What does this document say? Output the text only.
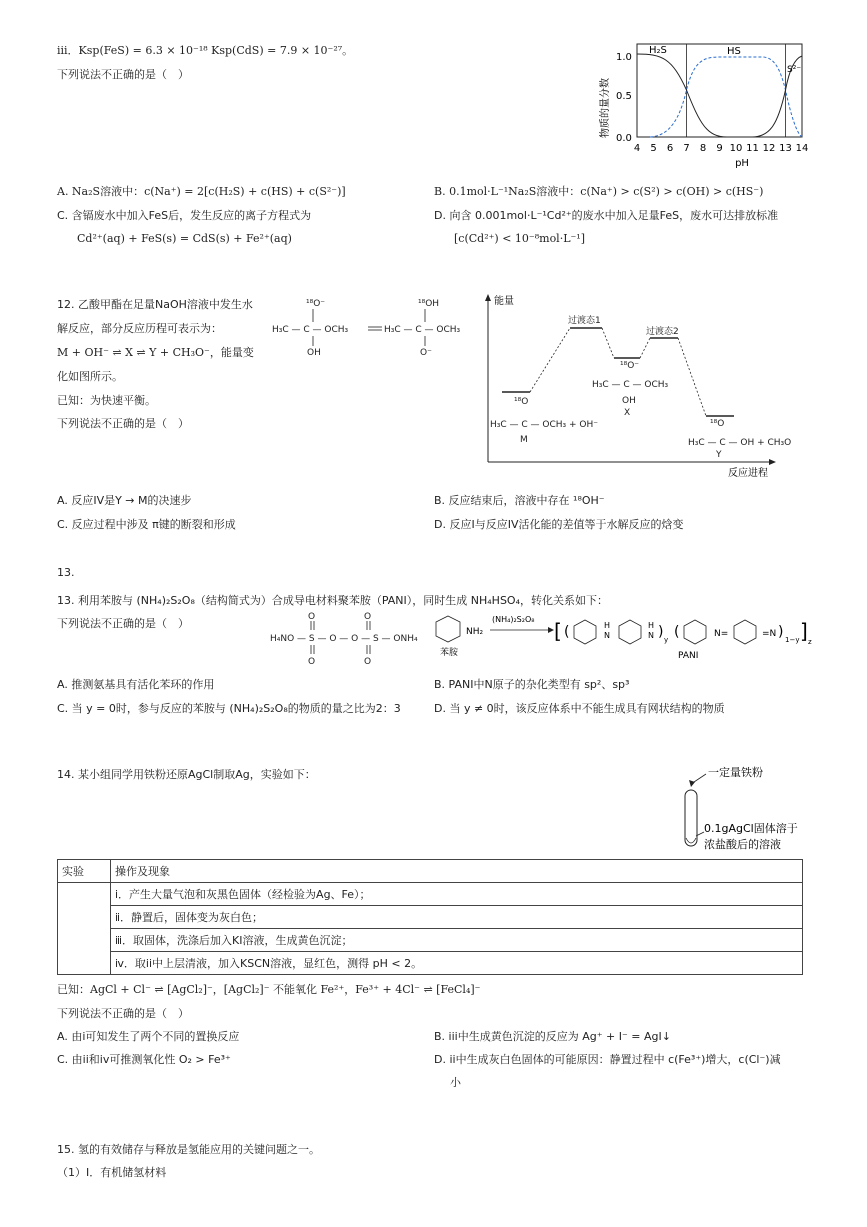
iii．Ksp(FeS) = 6.3 × 10⁻¹⁸ Ksp(CdS) = 7.9 × 10⁻²⁷。
下列说法不正确的是（　）
H₂S	HS
S²⁻
1.0
0.5
0.0
物质的量分数
4 5 6 7 8 9 10 11 12 13 14
pH
A. Na₂S溶液中：c(Na⁺) = 2[c(H₂S) + c(HS) + c(S²⁻)]	B. 0.1mol·L⁻¹Na₂S溶液中：c(Na⁺) > c(S²) > c(OH) > c(HS⁻)
C. 含镉废水中加入FeS后，发生反应的离子方程式为
Cd²⁺(aq) + FeS(s) = CdS(s) + Fe²⁺(aq)
D. 向含 0.001mol·L⁻¹Cd²⁺的废水中加入足量FeS，废水可达排放标准
[c(Cd²⁺) < 10⁻⁸mol·L⁻¹]
12. 乙酸甲酯在足量NaOH溶液中发生水
解反应，部分反应历程可表示为：
M + OH⁻ ⇌ X ⇌ Y + CH₃O⁻，能量变
化如图所示。
已知：为快速平衡。
下列说法不正确的是（　）
¹⁸O⁻
H₃C — C — OCH₃
OH
¹⁸OH
H₃C — C — OCH₃
O⁻
能量
反应进程
过渡态1
过渡态2
¹⁸O
H₃C — C — OCH₃ + OH⁻
M
¹⁸O⁻
H₃C — C — OCH₃
OH
X
¹⁸O
H₃C — C — OH + CH₃O
Y
A. 反应IV是Y → M的决速步	B. 反应结束后，溶液中存在 ¹⁸OH⁻
C. 反应过程中涉及 π键的断裂和形成	D. 反应I与反应IV活化能的差值等于水解反应的焓变
13.
13. 利用苯胺与 (NH₄)₂S₂O₈（结构简式为）合成导电材料聚苯胺（PANI），同时生成 NH₄HSO₄，转化关系如下：
下列说法不正确的是（　）	O	O
H₄NO — S — O — O — S — ONH₄
O	O
NH₂
苯胺
(NH₄)₂S₂O₈ [ (	H
N
H
N ) y (	N=	=N ) 1−y ] z
PANI
A. 推测氨基具有活化苯环的作用	B. PANI中N原子的杂化类型有 sp²、sp³
C. 当 y = 0时，参与反应的苯胺与 (NH₄)₂S₂O₈的物质的量之比为2：3	D. 当 y ≠ 0时，该反应体系中不能生成具有网状结构的物质
14. 某小组同学用铁粉还原AgCl制取Ag，实验如下：	一定量铁粉
0.1gAgCl固体溶于
浓盐酸后的溶液
实验	操作及现象
	ⅰ．产生大量气泡和灰黑色固体（经检验为Ag、Fe）；
	ⅱ．静置后，固体变为灰白色；
	ⅲ．取固体，洗涤后加入KI溶液，生成黄色沉淀；
	ⅳ．取ii中上层清液，加入KSCN溶液，显红色，测得 pH < 2。
已知：AgCl + Cl⁻ ⇌ [AgCl₂]⁻，[AgCl₂]⁻ 不能氧化 Fe²⁺，Fe³⁺ + 4Cl⁻ ⇌ [FeCl₄]⁻
下列说法不正确的是（　）
A. 由i可知发生了两个不同的置换反应	B. iii中生成黄色沉淀的反应为 Ag⁺ + I⁻ = AgI↓
C. 由ii和iv可推测氧化性 O₂ > Fe³⁺	D. ii中生成灰白色固体的可能原因：静置过程中 c(Fe³⁺)增大，c(Cl⁻)减
小
15. 氢的有效储存与释放是氢能应用的关键问题之一。
（1）Ⅰ．有机储氢材料
